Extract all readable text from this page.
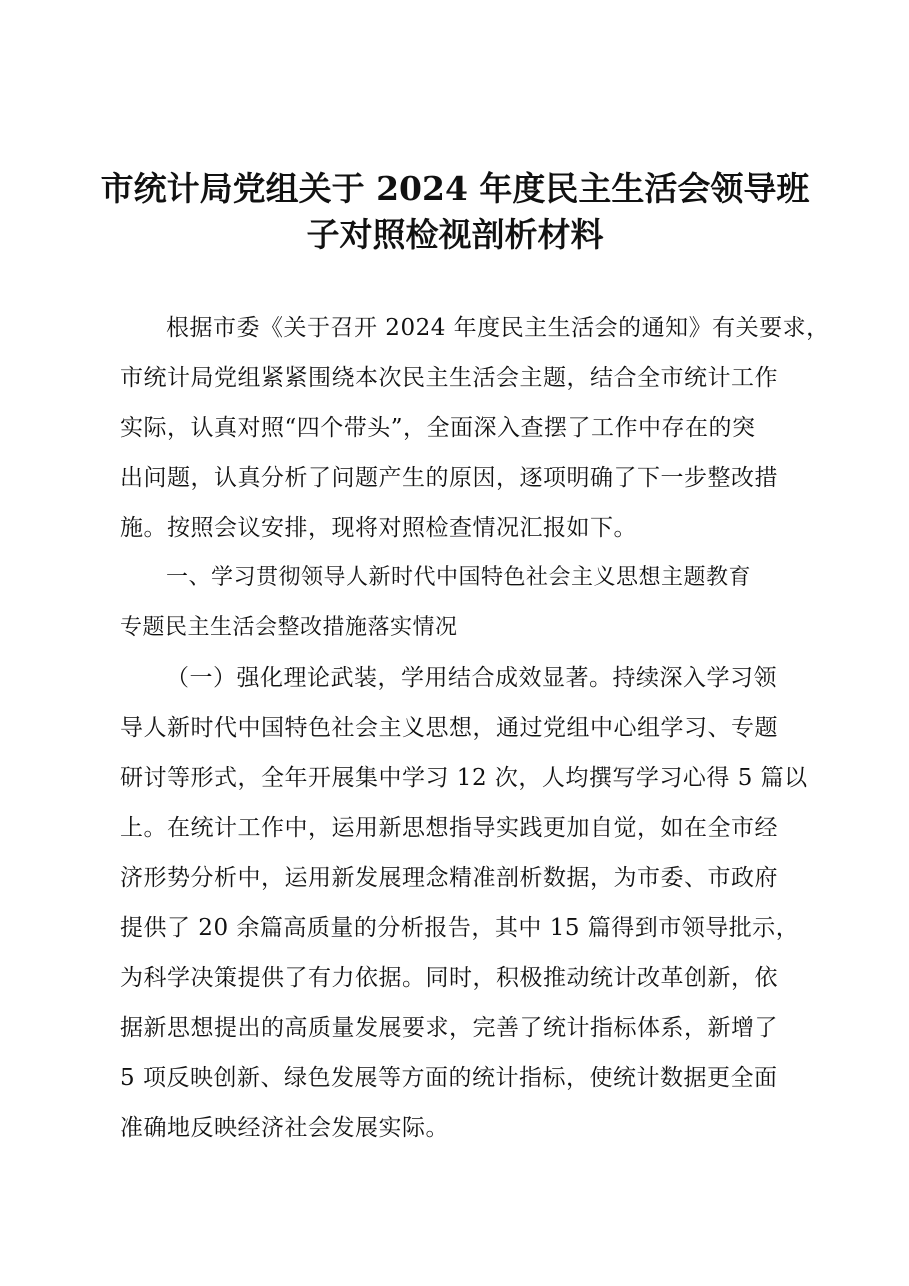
市统计局党组关于 2024 年度民主生活会领导班
子对照检视剖析材料
根据市委《关于召开 2024 年度民主生活会的通知》有关要求，
市统计局党组紧紧围绕本次民主生活会主题，结合全市统计工作
实际，认真对照“四个带头”，全面深入查摆了工作中存在的突
出问题，认真分析了问题产生的原因，逐项明确了下一步整改措
施。按照会议安排，现将对照检查情况汇报如下。
一、学习贯彻领导人新时代中国特色社会主义思想主题教育
专题民主生活会整改措施落实情况
（一）强化理论武装，学用结合成效显著。持续深入学习领
导人新时代中国特色社会主义思想，通过党组中心组学习、专题
研讨等形式，全年开展集中学习 12 次，人均撰写学习心得 5 篇以
上。在统计工作中，运用新思想指导实践更加自觉，如在全市经
济形势分析中，运用新发展理念精准剖析数据，为市委、市政府
提供了 20 余篇高质量的分析报告，其中 15 篇得到市领导批示，
为科学决策提供了有力依据。同时，积极推动统计改革创新，依
据新思想提出的高质量发展要求，完善了统计指标体系，新增了
5 项反映创新、绿色发展等方面的统计指标，使统计数据更全面
准确地反映经济社会发展实际。
